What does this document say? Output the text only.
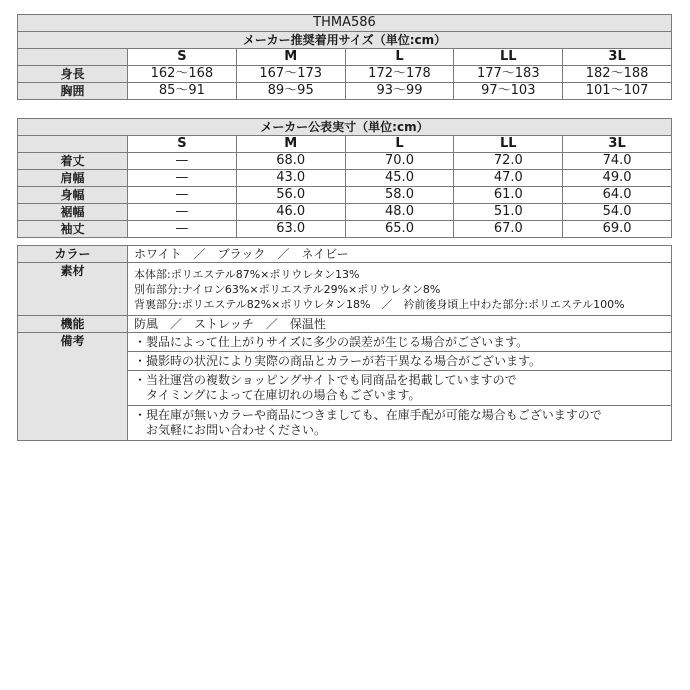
THMA586					
メーカー推奨着用サイズ（単位:cm）					
	S	M	L	LL	3L
身長	162〜168	167〜173	172〜178	177〜183	182〜188
胸囲	85〜91	89〜95	93〜99	97〜103	101〜107
メーカー公表実寸（単位:cm）					
	S	M	L	LL	3L
着丈	—	68.0	70.0	72.0	74.0
肩幅	—	43.0	45.0	47.0	49.0
身幅	—	56.0	58.0	61.0	64.0
裾幅	—	46.0	48.0	51.0	54.0
袖丈	—	63.0	65.0	67.0	69.0
カラー	ホワイト　／　ブラック　／　ネイビー
素材	本体部:ポリエステル87%×ポリウレタン13%
別布部分:ナイロン63%×ポリエステル29%×ポリウレタン8%
背裏部分:ポリエステル82%×ポリウレタン18%　／　衿前後身頃上中わた部分:ポリエステル100%

機能	防風　／　ストレッチ　／　保温性
備考	・製品によって仕上がりサイズに多少の誤差が生じる場合がございます。

	・撮影時の状況により実際の商品とカラーが若干異なる場合がございます。

	・当社運営の複数ショッピングサイトでも同商品を掲載していますので
　タイミングによって在庫切れの場合もございます。

	・現在庫が無いカラーや商品につきましても、在庫手配が可能な場合もございますので
　お気軽にお問い合わせください。
